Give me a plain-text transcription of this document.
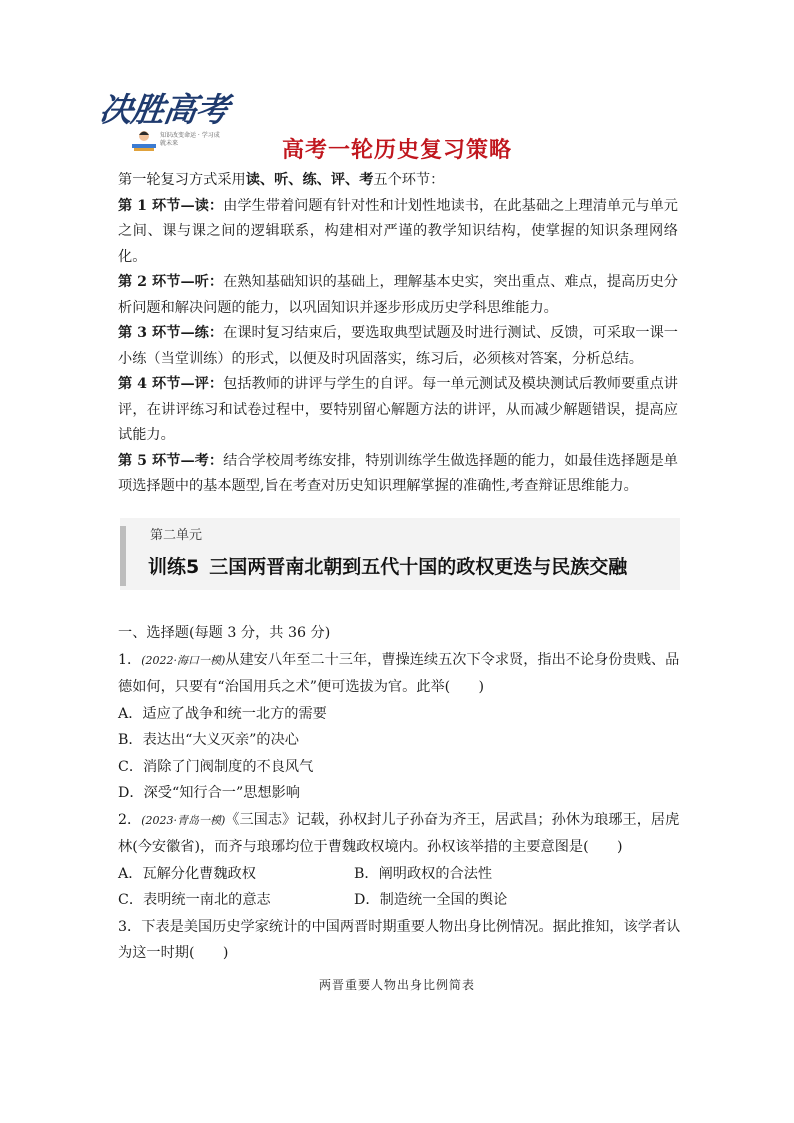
决胜高考
知识改变命运 · 学习成就未来	高考一轮历史复习策略

第一轮复习方式采用读、听、练、评、考五个环节：

第 1 环节—读：由学生带着问题有针对性和计划性地读书，在此基础之上理清单元与单元之间、课与课之间的逻辑联系，构建相对严谨的教学知识结构，使掌握的知识条理网络化。

第 2 环节—听：在熟知基础知识的基础上，理解基本史实，突出重点、难点，提高历史分析问题和解决问题的能力，以巩固知识并逐步形成历史学科思维能力。

第 3 环节—练：在课时复习结束后，要选取典型试题及时进行测试、反馈，可采取一课一小练（当堂训练）的形式，以便及时巩固落实，练习后，必须核对答案，分析总结。

第 4 环节—评：包括教师的讲评与学生的自评。每一单元测试及模块测试后教师要重点讲评，在讲评练习和试卷过程中，要特别留心解题方法的讲评，从而减少解题错误，提高应试能力。

第 5 环节—考：结合学校周考练安排，特别训练学生做选择题的能力，如最佳选择题是单项选择题中的基本题型,旨在考查对历史知识理解掌握的准确性,考查辩证思维能力。

第二单元
训练5 三国两晋南北朝到五代十国的政权更迭与民族交融

一、选择题(每题 3 分，共 36 分)

1．(2022·海口一模)从建安八年至二十三年，曹操连续五次下令求贤，指出不论身份贵贱、品德如何，只要有“治国用兵之术”便可选拔为官。此举(　　)

A．适应了战争和统一北方的需要

B．表达出“大义灭亲”的决心

C．消除了门阀制度的不良风气

D．深受“知行合一”思想影响

2．(2023·青岛一模)《三国志》记载，孙权封儿子孙奋为齐王，居武昌；孙休为琅琊王，居虎林(今安徽省)，而齐与琅琊均位于曹魏政权境内。孙权该举措的主要意图是(　　)

A．瓦解分化曹魏政权	B．阐明政权的合法性
C．表明统一南北的意志	D．制造统一全国的舆论

3．下表是美国历史学家统计的中国两晋时期重要人物出身比例情况。据此推知，该学者认为这一时期(　　)

两晋重要人物出身比例简表
